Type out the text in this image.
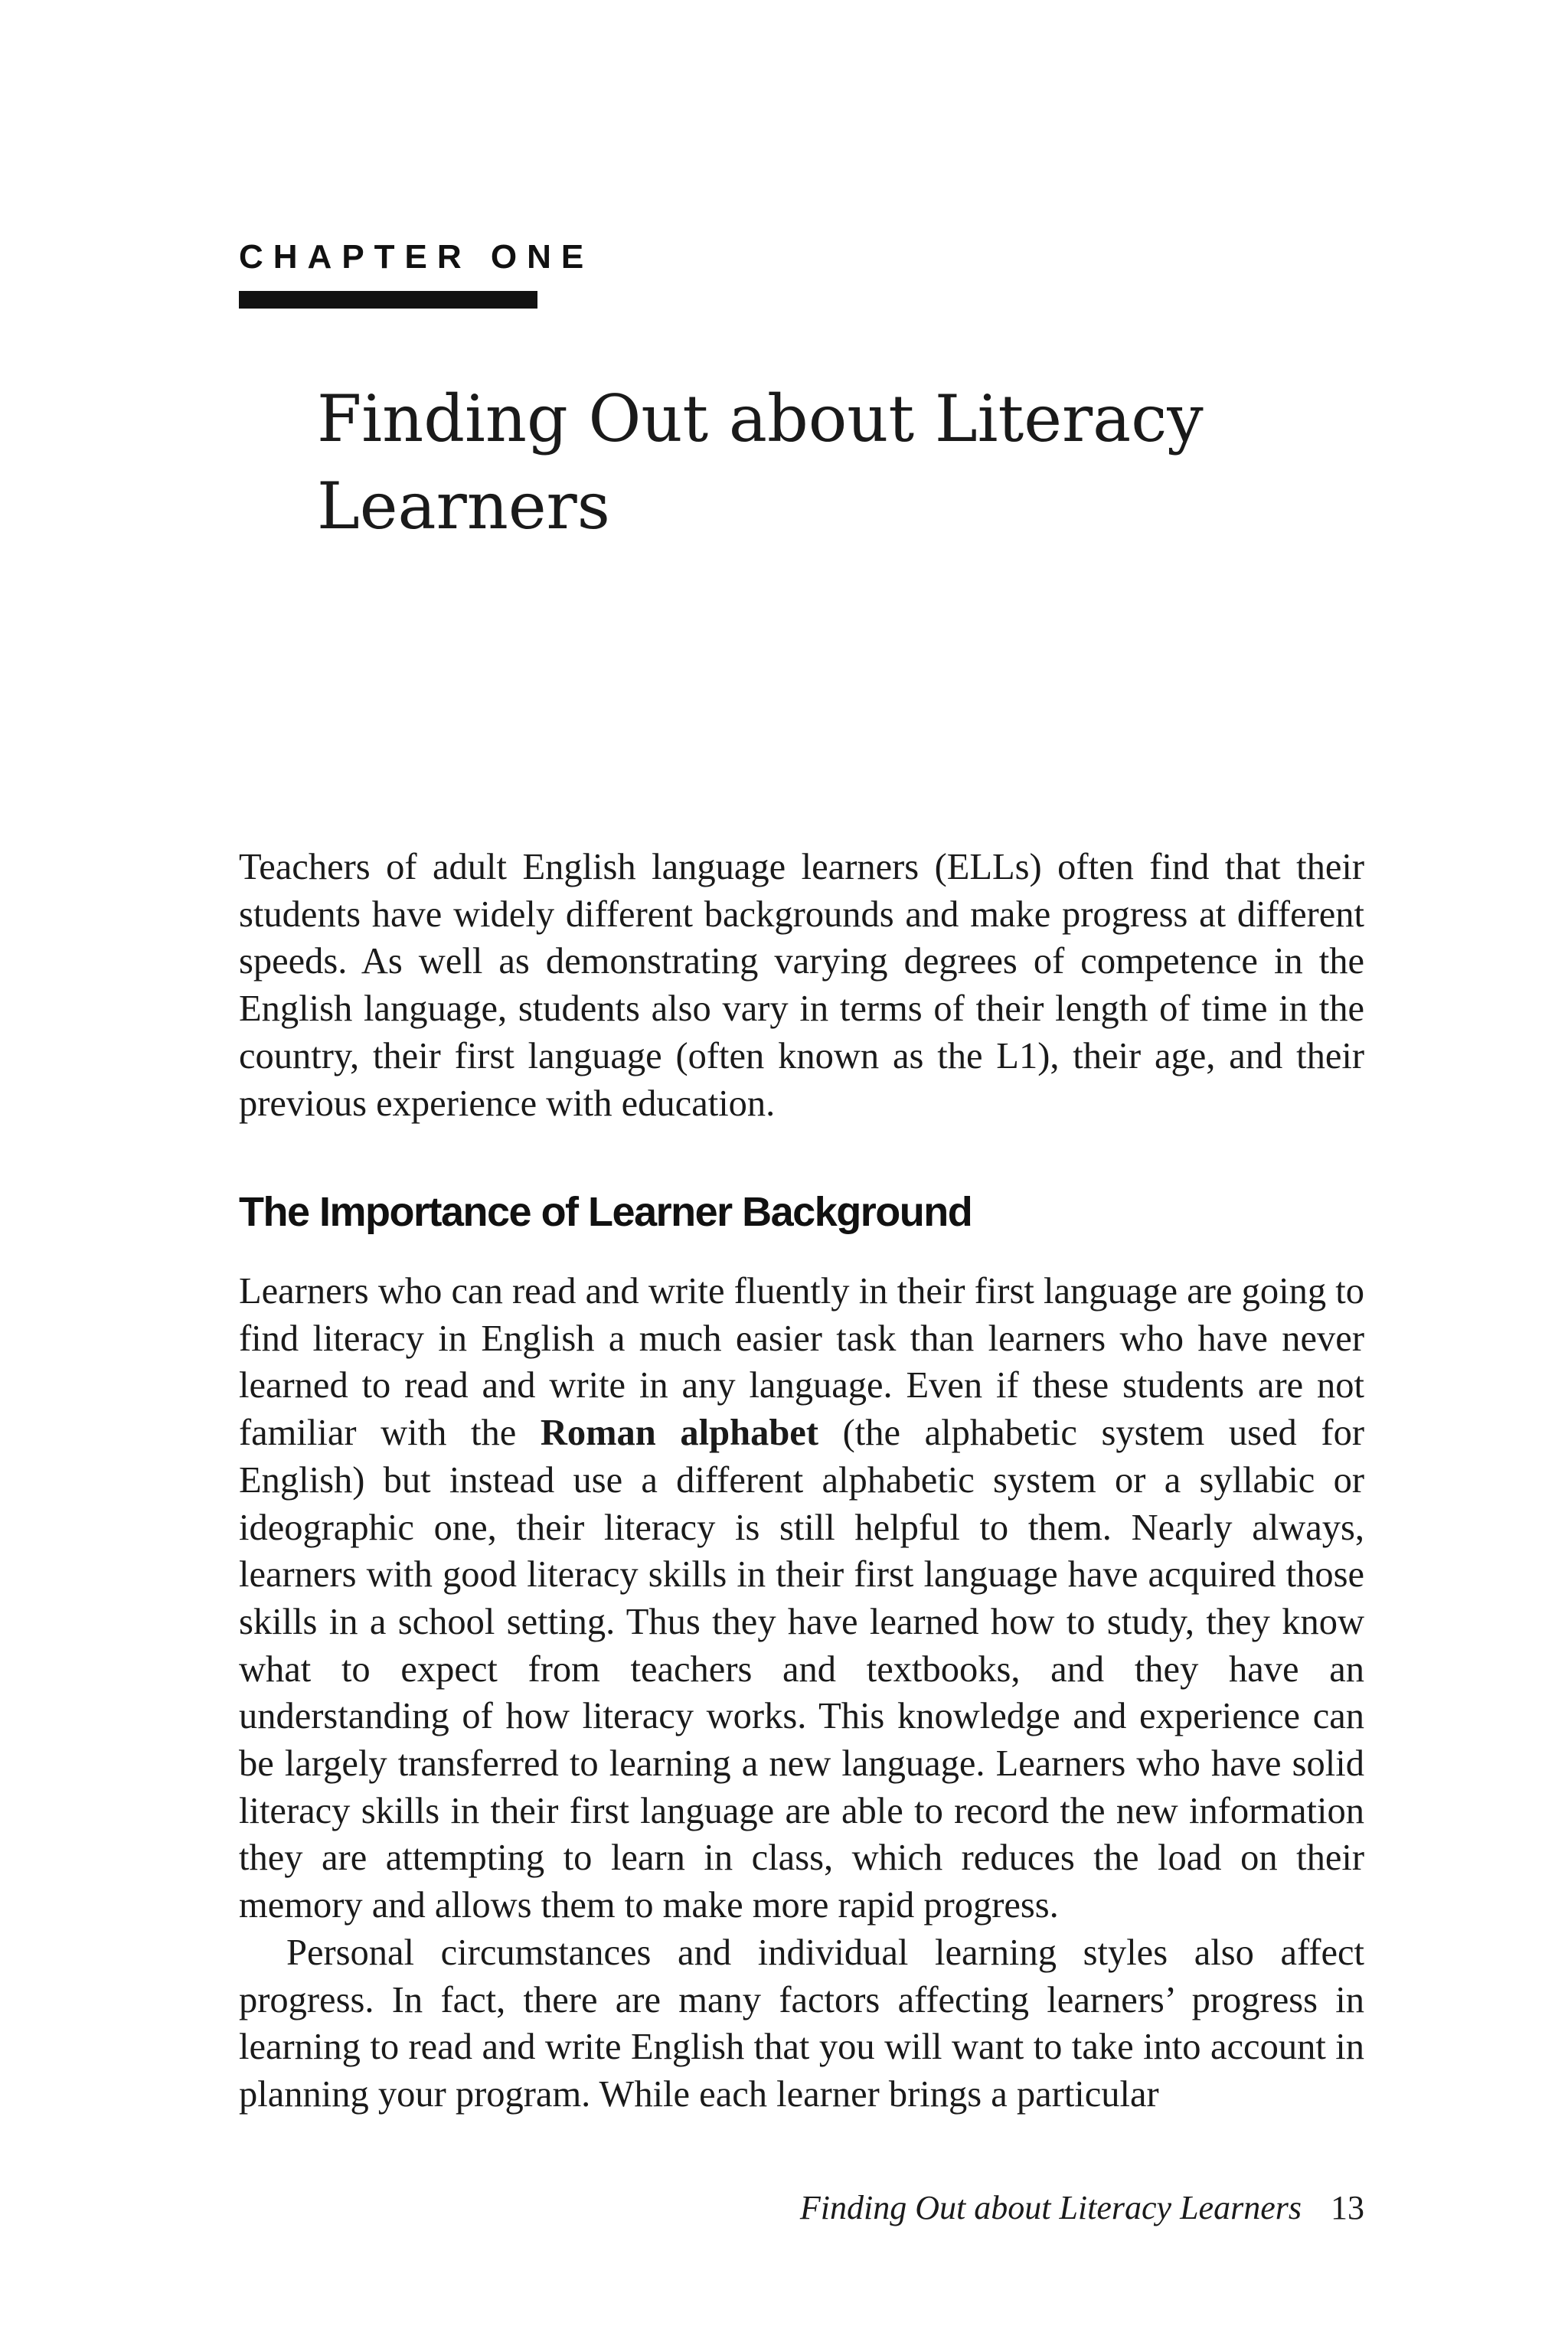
CHAPTER ONE
Finding Out about Literacy Learners

Teachers of adult English language learners (ELLs) often find that their students have widely different backgrounds and make progress at different speeds. As well as demonstrating varying degrees of competence in the English language, students also vary in terms of their length of time in the country, their first language (often known as the L1), their age, and their previous experience with education.

The Importance of Learner Background

Learners who can read and write fluently in their first language are going to find literacy in English a much easier task than learners who have never learned to read and write in any language. Even if these students are not familiar with the Roman alphabet (the alphabetic system used for English) but instead use a different alphabetic system or a syllabic or ideographic one, their literacy is still helpful to them. Nearly always, learners with good literacy skills in their first language have acquired those skills in a school setting. Thus they have learned how to study, they know what to expect from teachers and textbooks, and they have an understanding of how literacy works. This knowledge and experience can be largely transferred to learning a new language. Learners who have solid literacy skills in their first language are able to record the new information they are attempting to learn in class, which reduces the load on their memory and allows them to make more rapid progress.

Personal circumstances and individual learning styles also affect progress. In fact, there are many factors affecting learners’ progress in learning to read and write English that you will want to take into account in planning your program. While each learner brings a particular

Finding Out about Literacy Learners 13
